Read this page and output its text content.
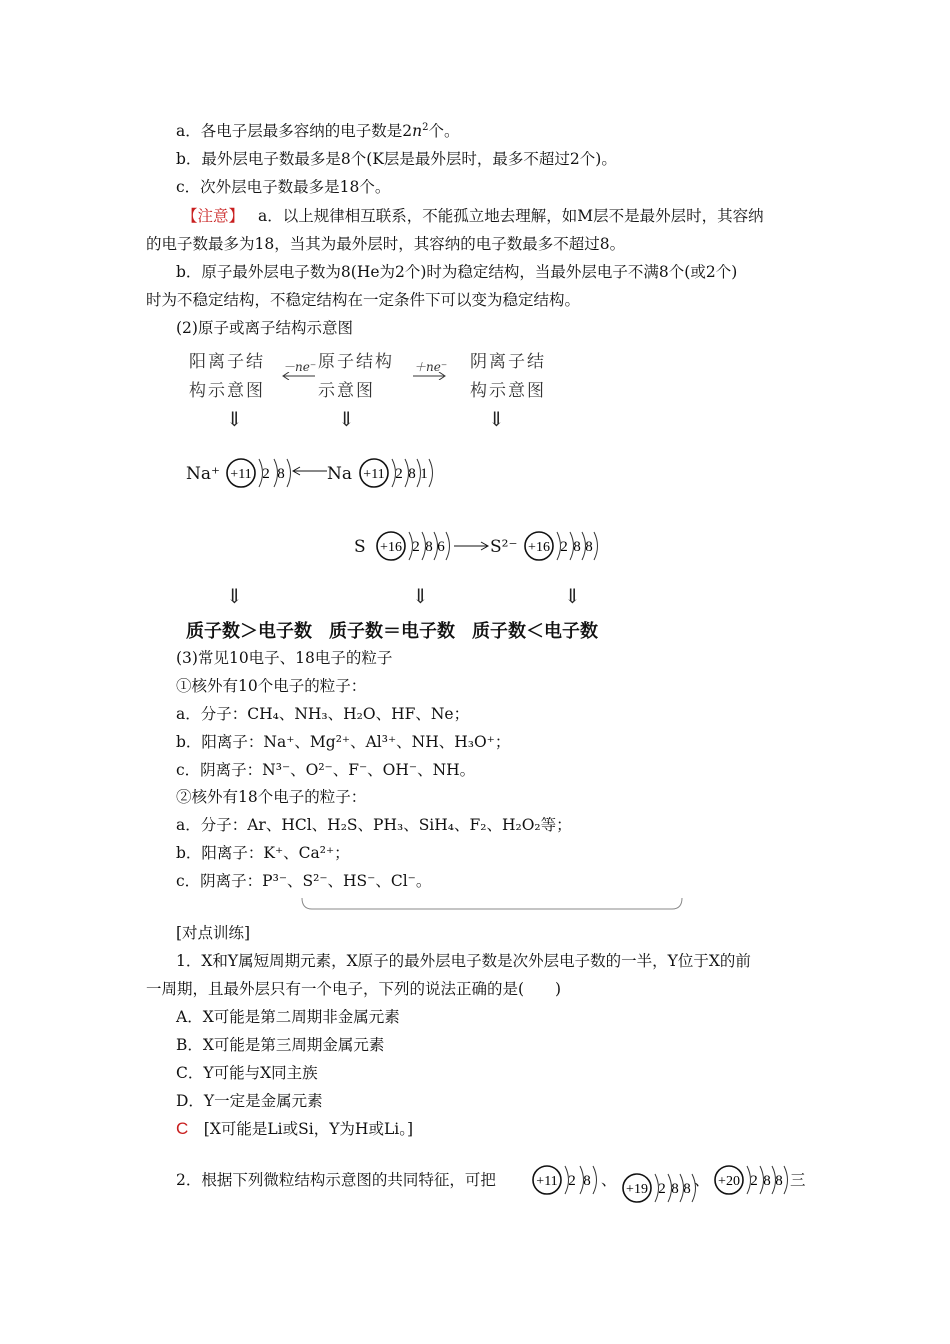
a．各电子层最多容纳的电子数是$2n^2$个。
b．最外层电子数最多是8个(K层是最外层时，最多不超过2个)。
c．次外层电子数最多是18个。
【注意】 a．以上规律相互联系，不能孤立地去理解，如M层不是最外层时，其容纳
的电子数最多为18，当其为最外层时，其容纳的电子数最多不超过8。
b．原子最外层电子数为8(He为2个)时为稳定结构，当最外层电子不满8个(或2个)
时为不稳定结构，不稳定结构在一定条件下可以变为稳定结构。
(2)原子或离子结构示意图
阳离子结
构示意图
原子结构
示意图
阴离子结
构示意图
－ne⁻	＋ne⁻
⇓	⇓	⇓
Na⁺ +11 2 8 Na +11 2 8 1
S +16 2 8 6	S²⁻ +16 2 8 8
⇓	⇓	⇓
质子数＞电子数 质子数＝电子数 质子数＜电子数
(3)常见10电子、18电子的粒子
①核外有10个电子的粒子：
a．分子：CH₄、NH₃、H₂O、HF、Ne；
b．阳离子：Na⁺、Mg²⁺、Al³⁺、NH、H₃O⁺；
c．阴离子：N³⁻、O²⁻、F⁻、OH⁻、NH。
②核外有18个电子的粒子：
a．分子：Ar、HCl、H₂S、PH₃、SiH₄、F₂、H₂O₂等；
b．阳离子：K⁺、Ca²⁺；
c．阴离子：P³⁻、S²⁻、HS⁻、Cl⁻。
[对点训练]
1．X和Y属短周期元素，X原子的最外层电子数是次外层电子数的一半，Y位于X的前
一周期，且最外层只有一个电子，下列的说法正确的是(　　)
A．X可能是第二周期非金属元素
B．X可能是第三周期金属元素
C．Y可能与X同主族
D．Y一定是金属元素
C　 [X可能是Li或Si，Y为H或Li。]
2．根据下列微粒结构示意图的共同特征，可把	+11 2 8 、
+19 2 8 8 、 +20 2 8 8 三
